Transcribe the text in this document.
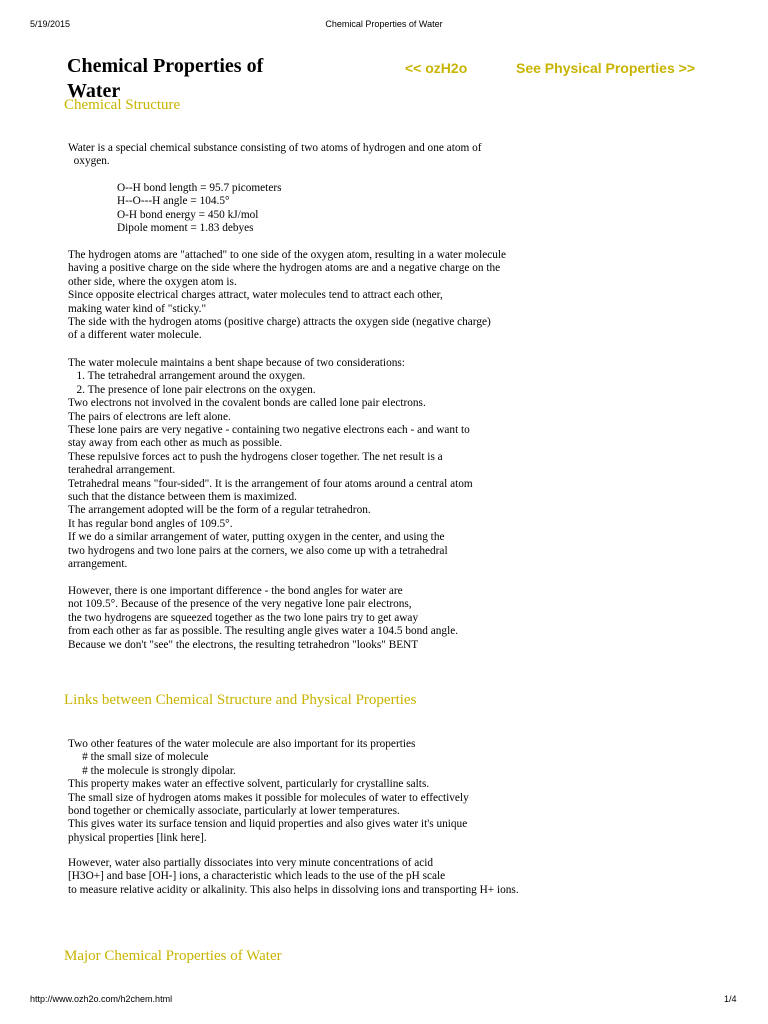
5/19/2015	Chemical Properties of Water
Chemical Properties of Water
<< ozH2o	See Physical Properties >>
Chemical Structure
Water is a special chemical substance consisting of two atoms of hydrogen and one atom of
oxygen.
O--H bond length = 95.7 picometers
H--O---H angle = 104.5°
O-H bond energy = 450 kJ/mol
Dipole moment = 1.83 debyes
The hydrogen atoms are "attached" to one side of the oxygen atom, resulting in a water molecule
having a positive charge on the side where the hydrogen atoms are and a negative charge on the
other side, where the oxygen atom is.
Since opposite electrical charges attract, water molecules tend to attract each other,
making water kind of "sticky."
The side with the hydrogen atoms (positive charge) attracts the oxygen side (negative charge)
of a different water molecule.
The water molecule maintains a bent shape because of two considerations:
1. The tetrahedral arrangement around the oxygen.
2. The presence of lone pair electrons on the oxygen.
Two electrons not involved in the covalent bonds are called lone pair electrons.
The pairs of electrons are left alone.
These lone pairs are very negative - containing two negative electrons each - and want to
stay away from each other as much as possible.
These repulsive forces act to push the hydrogens closer together. The net result is a
terahedral arrangement.
Tetrahedral means "four-sided". It is the arrangement of four atoms around a central atom
such that the distance between them is maximized.
The arrangement adopted will be the form of a regular tetrahedron.
It has regular bond angles of 109.5°.
If we do a similar arrangement of water, putting oxygen in the center, and using the
two hydrogens and two lone pairs at the corners, we also come up with a tetrahedral
arrangement.
However, there is one important difference - the bond angles for water are
not 109.5°. Because of the presence of the very negative lone pair electrons,
the two hydrogens are squeezed together as the two lone pairs try to get away
from each other as far as possible. The resulting angle gives water a 104.5 bond angle.
Because we don't "see" the electrons, the resulting tetrahedron "looks" BENT
Links between Chemical Structure and Physical Properties
Two other features of the water molecule are also important for its properties
# the small size of molecule
# the molecule is strongly dipolar.
This property makes water an effective solvent, particularly for crystalline salts.
The small size of hydrogen atoms makes it possible for molecules of water to effectively
bond together or chemically associate, particularly at lower temperatures.
This gives water its surface tension and liquid properties and also gives water it's unique
physical properties [link here].
However, water also partially dissociates into very minute concentrations of acid
[H3O+] and base [OH-] ions, a characteristic which leads to the use of the pH scale
to measure relative acidity or alkalinity. This also helps in dissolving ions and transporting H+ ions.
Major Chemical Properties of Water
http://www.ozh2o.com/h2chem.html	1/4
